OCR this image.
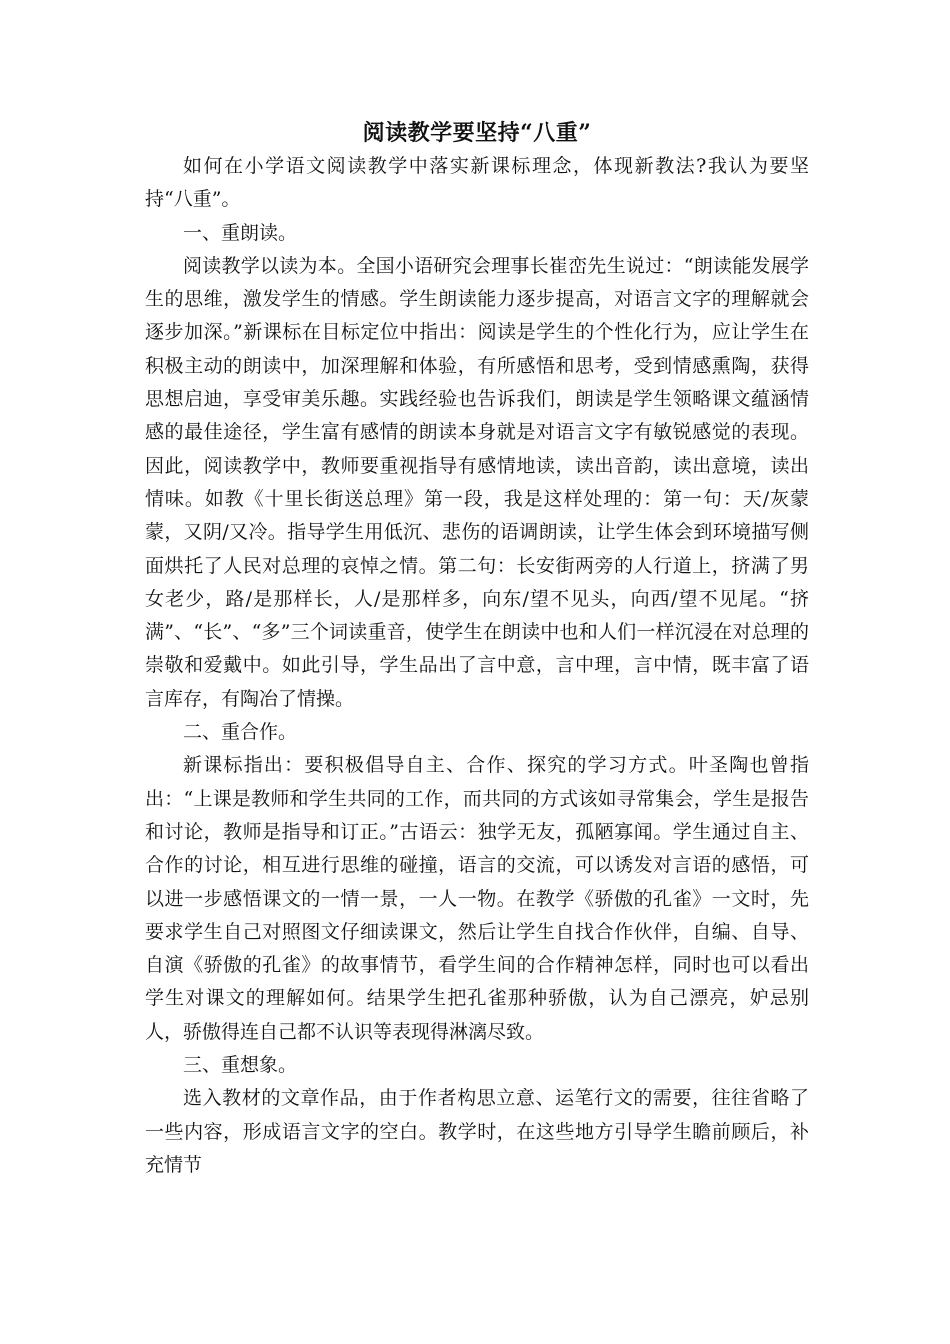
阅读教学要坚持“八重”

如何在小学语文阅读教学中落实新课标理念，体现新教法?我认为要坚持“八重”。

一、重朗读。

阅读教学以读为本。全国小语研究会理事长崔峦先生说过：“朗读能发展学生的思维，激发学生的情感。学生朗读能力逐步提高，对语言文字的理解就会逐步加深。”新课标在目标定位中指出：阅读是学生的个性化行为，应让学生在积极主动的朗读中，加深理解和体验，有所感悟和思考，受到情感熏陶，获得思想启迪，享受审美乐趣。实践经验也告诉我们，朗读是学生领略课文蕴涵情感的最佳途径，学生富有感情的朗读本身就是对语言文字有敏锐感觉的表现。因此，阅读教学中，教师要重视指导有感情地读，读出音韵，读出意境，读出情味。如教《十里长街送总理》第一段，我是这样处理的：第一句：天/灰蒙蒙，又阴/又冷。指导学生用低沉、悲伤的语调朗读，让学生体会到环境描写侧面烘托了人民对总理的哀悼之情。第二句：长安街两旁的人行道上，挤满了男女老少，路/是那样长，人/是那样多，向东/望不见头，向西/望不见尾。“挤满”、“长”、“多”三个词读重音，使学生在朗读中也和人们一样沉浸在对总理的崇敬和爱戴中。如此引导，学生品出了言中意，言中理，言中情，既丰富了语言库存，有陶冶了情操。

二、重合作。

新课标指出：要积极倡导自主、合作、探究的学习方式。叶圣陶也曾指出：“上课是教师和学生共同的工作，而共同的方式该如寻常集会，学生是报告和讨论，教师是指导和订正。”古语云：独学无友，孤陋寡闻。学生通过自主、合作的讨论，相互进行思维的碰撞，语言的交流，可以诱发对言语的感悟，可以进一步感悟课文的一情一景，一人一物。在教学《骄傲的孔雀》一文时，先要求学生自己对照图文仔细读课文，然后让学生自找合作伙伴，自编、自导、自演《骄傲的孔雀》的故事情节，看学生间的合作精神怎样，同时也可以看出学生对课文的理解如何。结果学生把孔雀那种骄傲，认为自己漂亮，妒忌别人，骄傲得连自己都不认识等表现得淋漓尽致。

三、重想象。

选入教材的文章作品，由于作者构思立意、运笔行文的需要，往往省略了一些内容，形成语言文字的空白。教学时，在这些地方引导学生瞻前顾后，补充情节
